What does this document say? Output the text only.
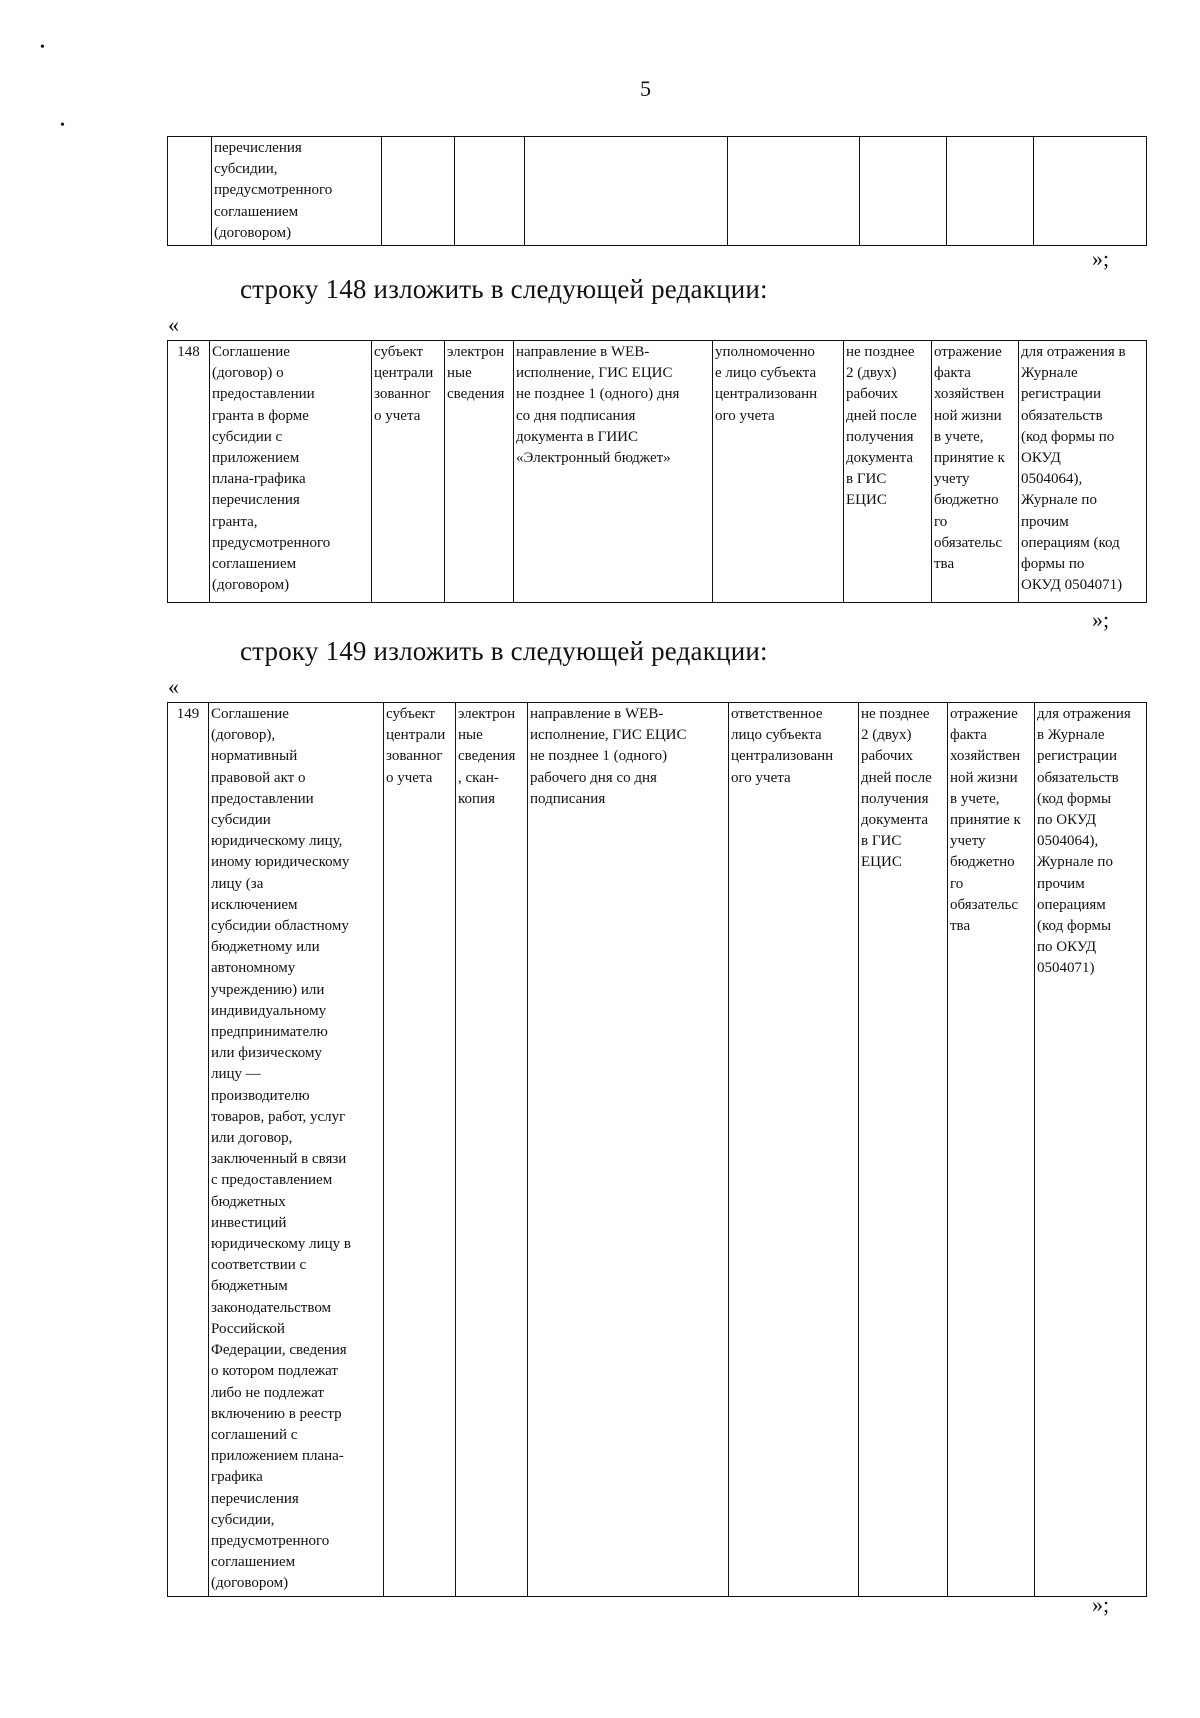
•
•
5
	перечисления
субсидии,
предусмотренного
соглашением
(договором)							
»;
строку 148 изложить в следующей редакции:
«
148	Соглашение
(договор) о
предоставлении
гранта в форме
субсидии с
приложением
плана-графика
перечисления
гранта,
предусмотренного
соглашением
(договором)	субъект
централи
зованног
о учета	электрон
ные
сведения	направление в WEB-
исполнение, ГИС ЕЦИС
не позднее 1 (одного) дня
со дня подписания
документа в ГИИС
«Электронный бюджет»	уполномоченно
е лицо субъекта
централизованн
ого учета	не позднее
2 (двух)
рабочих
дней после
получения
документа
в ГИС
ЕЦИС	отражение
факта
хозяйствен
ной жизни
в учете,
принятие к
учету
бюджетно
го
обязательс
тва	для отражения в
Журнале
регистрации
обязательств
(код формы по
ОКУД
0504064),
Журнале по
прочим
операциям (код
формы по
ОКУД 0504071)
»;
строку 149 изложить в следующей редакции:
«
149	Соглашение
(договор),
нормативный
правовой акт о
предоставлении
субсидии
юридическому лицу,
иному юридическому
лицу (за
исключением
субсидии областному
бюджетному или
автономному
учреждению) или
индивидуальному
предпринимателю
или физическому
лицу —
производителю
товаров, работ, услуг
или договор,
заключенный в связи
с предоставлением
бюджетных
инвестиций
юридическому лицу в
соответствии с
бюджетным
законодательством
Российской
Федерации, сведения
о котором подлежат
либо не подлежат
включению в реестр
соглашений с
приложением плана-
графика
перечисления
субсидии,
предусмотренного
соглашением
(договором)	субъект
централи
зованног
о учета	электрон
ные
сведения
, скан-
копия	направление в WEB-
исполнение, ГИС ЕЦИС
не позднее 1 (одного)
рабочего дня со дня
подписания	ответственное
лицо субъекта
централизованн
ого учета	не позднее
2 (двух)
рабочих
дней после
получения
документа
в ГИС
ЕЦИС	отражение
факта
хозяйствен
ной жизни
в учете,
принятие к
учету
бюджетно
го
обязательс
тва	для отражения
в Журнале
регистрации
обязательств
(код формы
по ОКУД
0504064),
Журнале по
прочим
операциям
(код формы
по ОКУД
0504071)
»;
